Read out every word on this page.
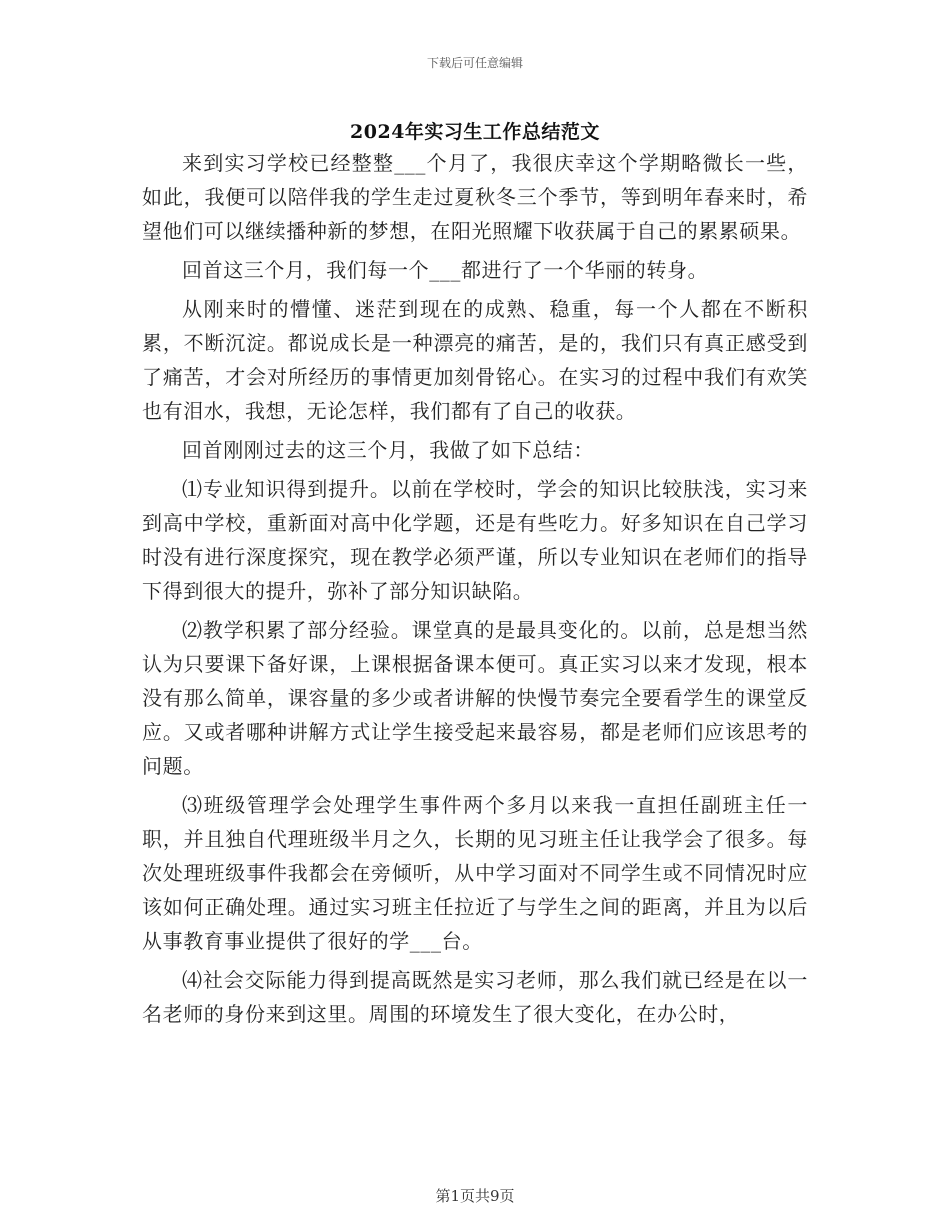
下载后可任意编辑
2024年实习生工作总结范文

来到实习学校已经整整___个月了，我很庆幸这个学期略微长一些，如此，我便可以陪伴我的学生走过夏秋冬三个季节，等到明年春来时，希望他们可以继续播种新的梦想，在阳光照耀下收获属于自己的累累硕果。

回首这三个月，我们每一个___都进行了一个华丽的转身。

从刚来时的懵懂、迷茫到现在的成熟、稳重，每一个人都在不断积累，不断沉淀。都说成长是一种漂亮的痛苦，是的，我们只有真正感受到了痛苦，才会对所经历的事情更加刻骨铭心。在实习的过程中我们有欢笑也有泪水，我想，无论怎样，我们都有了自己的收获。

回首刚刚过去的这三个月，我做了如下总结：

⑴专业知识得到提升。以前在学校时，学会的知识比较肤浅，实习来到高中学校，重新面对高中化学题，还是有些吃力。好多知识在自己学习时没有进行深度探究，现在教学必须严谨，所以专业知识在老师们的指导下得到很大的提升，弥补了部分知识缺陷。

⑵教学积累了部分经验。课堂真的是最具变化的。以前，总是想当然认为只要课下备好课，上课根据备课本便可。真正实习以来才发现，根本没有那么简单，课容量的多少或者讲解的快慢节奏完全要看学生的课堂反应。又或者哪种讲解方式让学生接受起来最容易，都是老师们应该思考的问题。

⑶班级管理学会处理学生事件两个多月以来我一直担任副班主任一职，并且独自代理班级半月之久，长期的见习班主任让我学会了很多。每次处理班级事件我都会在旁倾听，从中学习面对不同学生或不同情况时应该如何正确处理。通过实习班主任拉近了与学生之间的距离，并且为以后从事教育事业提供了很好的学___台。

⑷社会交际能力得到提高既然是实习老师，那么我们就已经是在以一名老师的身份来到这里。周围的环境发生了很大变化，在办公时，

第1页共9页
